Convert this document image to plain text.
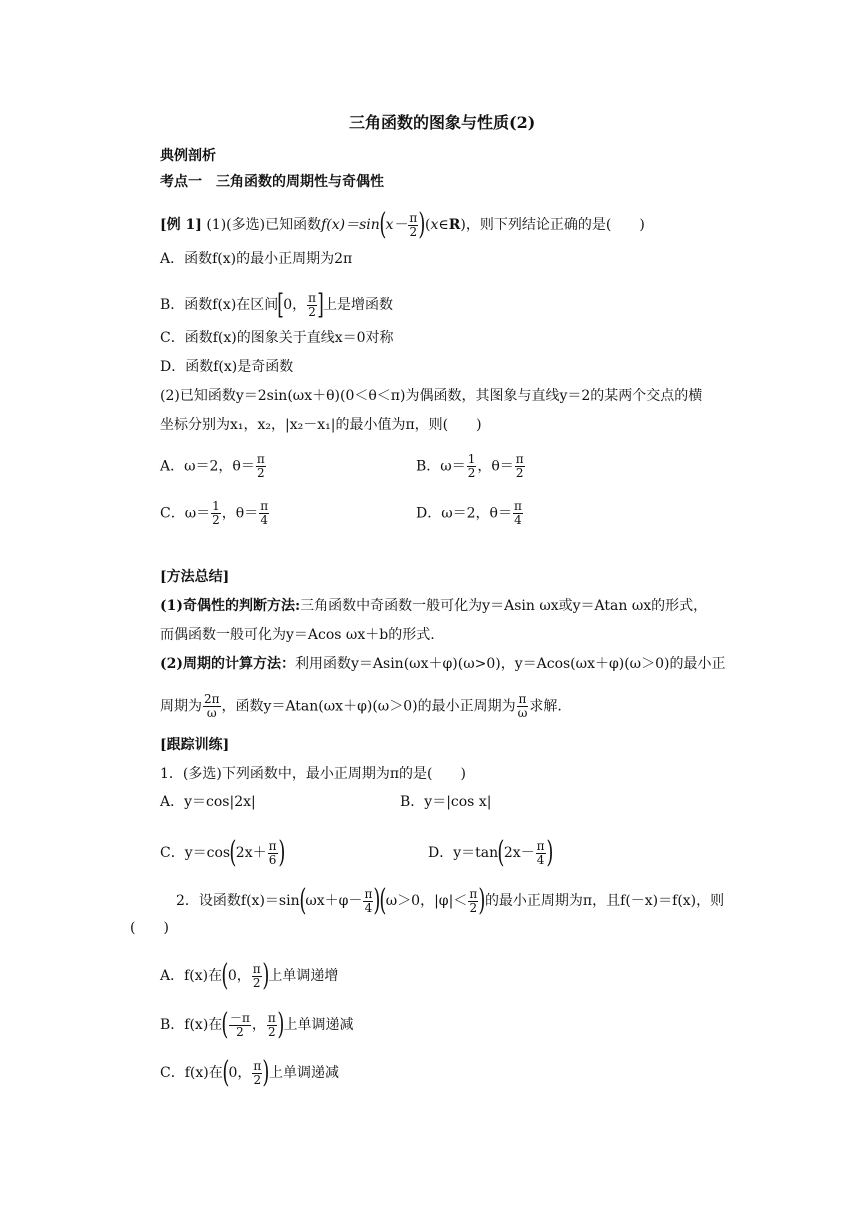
三角函数的图象与性质(2)
典例剖析
考点一　三角函数的周期性与奇偶性
[例 1] (1)(多选)已知函数$f(x)=\sin(x- \frac{\pi}{2}$ )(x∈R)，则下列结论正确的是(　　)
A．函数f(x)的最小正周期为2π
B．函数f(x)在区间[0， $\frac{\pi}{2}$ ]上是增函数
C．函数f(x)的图象关于直线x＝0对称
D．函数f(x)是奇函数
(2)已知函数y＝2sin(ωx＋θ)(0＜θ＜π)为偶函数，其图象与直线y＝2的某两个交点的横
坐标分别为x₁，x₂，|x₂－x₁|的最小值为π，则(　　)
A．ω＝2，$\theta= \frac{\pi}{2}$	B．$\omega= \frac{1}{2}$ ，$\theta= \frac{\pi}{2}$
C．$\omega= \frac{1}{2}$ ，$\theta= \frac{\pi}{4}$	D．ω＝2，$\theta= \frac{\pi}{4}$
[方法总结]
(1)奇偶性的判断方法:三角函数中奇函数一般可化为y＝Asin ωx或y＝Atan ωx的形式，
而偶函数一般可化为y＝Acos ωx＋b的形式.
(2)周期的计算方法：利用函数y＝Asin(ωx＋φ)(ω>0)，y＝Acos(ωx＋φ)(ω＞0)的最小正
周期为 $\frac{2\pi}{\omega}$ ，函数y＝Atan(ωx＋φ)(ω＞0)的最小正周期为 $\frac{\pi}{\omega}$ 求解.
[跟踪训练]
1．(多选)下列函数中，最小正周期为π的是(　　)
A．y＝cos|2x|	B．y＝|cos x|
C．$y=\cos(2x+ \frac{\pi}{6}$ )	D．$y=\tan(2x- \frac{\pi}{4}$ )
2．设函数$f(x)=\sin(\omega x+\varphi- \frac{\pi}{4} )(\omega>0$，$|\varphi|< \frac{\pi}{2}$ )的最小正周期为π，且f(－x)＝f(x)，则
(　　)
A．f(x)在(0， $\frac{\pi}{2}$ )上单调递增
B．f(x)在( $\frac{-\pi}{2}$ ， $\frac{\pi}{2}$ )上单调递减
C．f(x)在(0， $\frac{\pi}{2}$ )上单调递减
